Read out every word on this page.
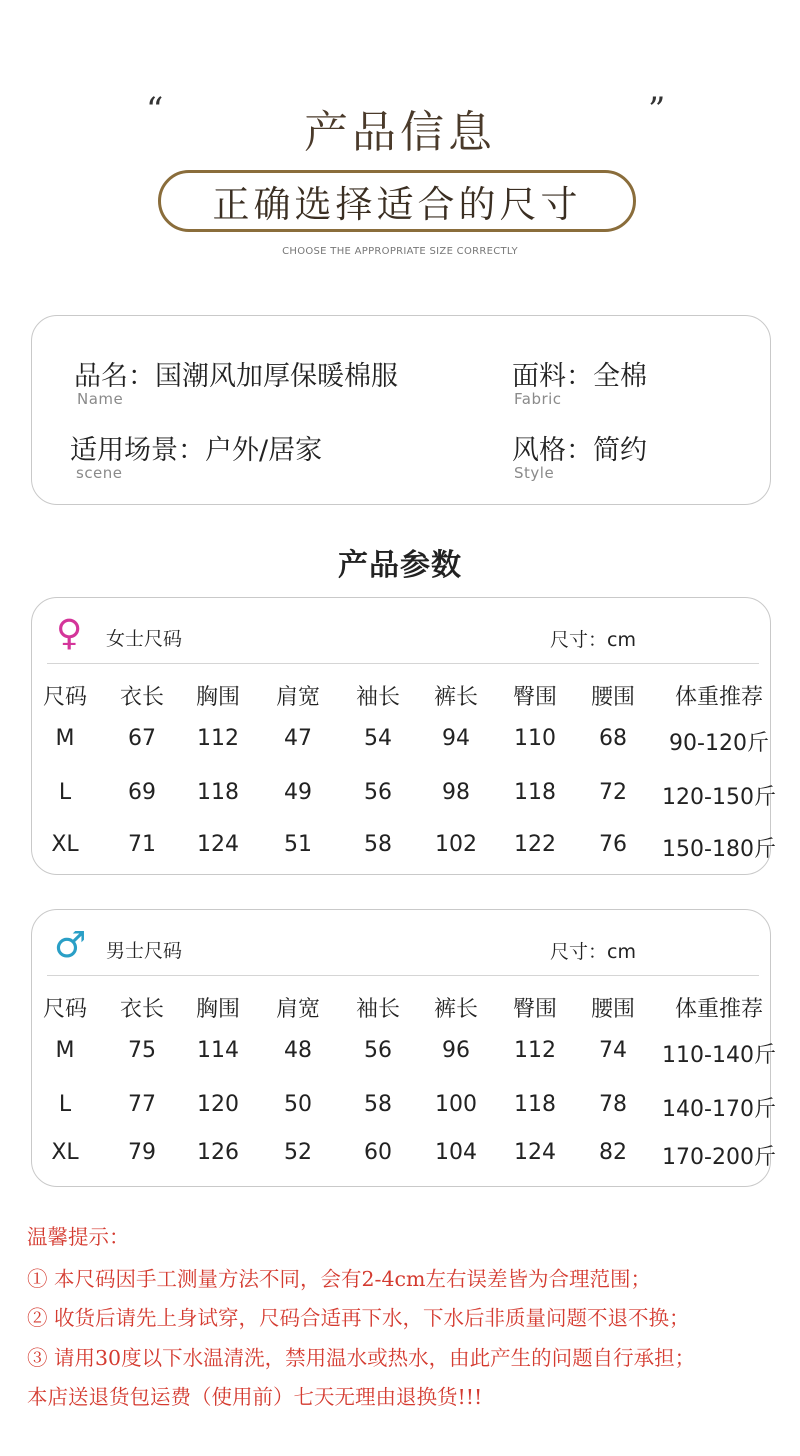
“	”
产品信息
正确选择适合的尺寸
CHOOSE THE APPROPRIATE SIZE CORRECTLY
品名：国潮风加厚保暖棉服
Name
面料：全棉
Fabric
适用场景：户外/居家
scene
风格：简约
Style
产品参数
♀ 女士尺码	尺寸：cm
尺码 衣长 胸围 肩宽 袖长 裤长 臀围 腰围 体重推荐
M 67 112 47 54 94 110 68 90-120斤
L	69 118 49 56 98 118 72 120-150斤
XL 71 124 51 58 102 122 76 150-180斤
♂ 男士尺码	尺寸：cm
尺码 衣长 胸围 肩宽 袖长 裤长 臀围 腰围 体重推荐
M 75 114 48 56 96 112 74 110-140斤
L	77 120 50 58 100 118 78 140-170斤
XL 79 126 52 60 104 124 82 170-200斤
温馨提示：
① 本尺码因手工测量方法不同，会有2-4cm左右误差皆为合理范围；
② 收货后请先上身试穿，尺码合适再下水，下水后非质量问题不退不换；
③ 请用30度以下水温清洗，禁用温水或热水，由此产生的问题自行承担；
本店送退货包运费（使用前）七天无理由退换货!!!
